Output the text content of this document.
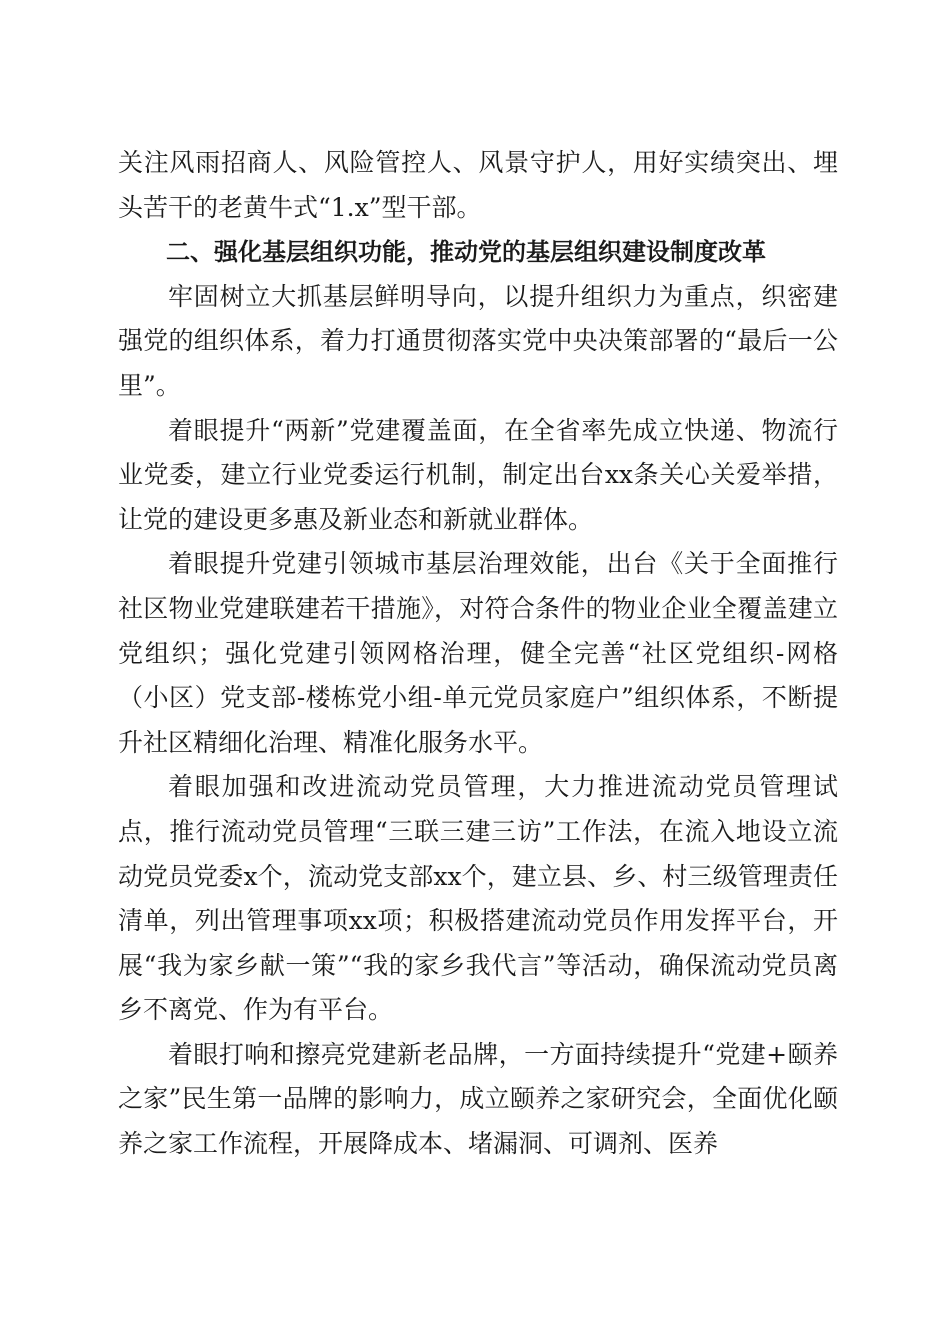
关注风雨招商人、风险管控人、风景守护人，用好实绩突出、埋头苦干的老黄牛式“1.x”型干部。

二、强化基层组织功能，推动党的基层组织建设制度改革

牢固树立大抓基层鲜明导向，以提升组织力为重点，织密建强党的组织体系，着力打通贯彻落实党中央决策部署的“最后一公里”。

着眼提升“两新”党建覆盖面，在全省率先成立快递、物流行业党委，建立行业党委运行机制，制定出台xx条关心关爱举措，让党的建设更多惠及新业态和新就业群体。

着眼提升党建引领城市基层治理效能，出台《关于全面推行社区物业党建联建若干措施》，对符合条件的物业企业全覆盖建立党组织；强化党建引领网格治理，健全完善“社区党组织-网格（小区）党支部-楼栋党小组-单元党员家庭户”组织体系，不断提升社区精细化治理、精准化服务水平。

着眼加强和改进流动党员管理，大力推进流动党员管理试点，推行流动党员管理“三联三建三访”工作法，在流入地设立流动党员党委x个，流动党支部xx个，建立县、乡、村三级管理责任清单，列出管理事项xx项；积极搭建流动党员作用发挥平台，开展“我为家乡献一策”“我的家乡我代言”等活动，确保流动党员离乡不离党、作为有平台。

着眼打响和擦亮党建新老品牌，一方面持续提升“党建+颐养之家”民生第一品牌的影响力，成立颐养之家研究会，全面优化颐养之家工作流程，开展降成本、堵漏洞、可调剂、医养
